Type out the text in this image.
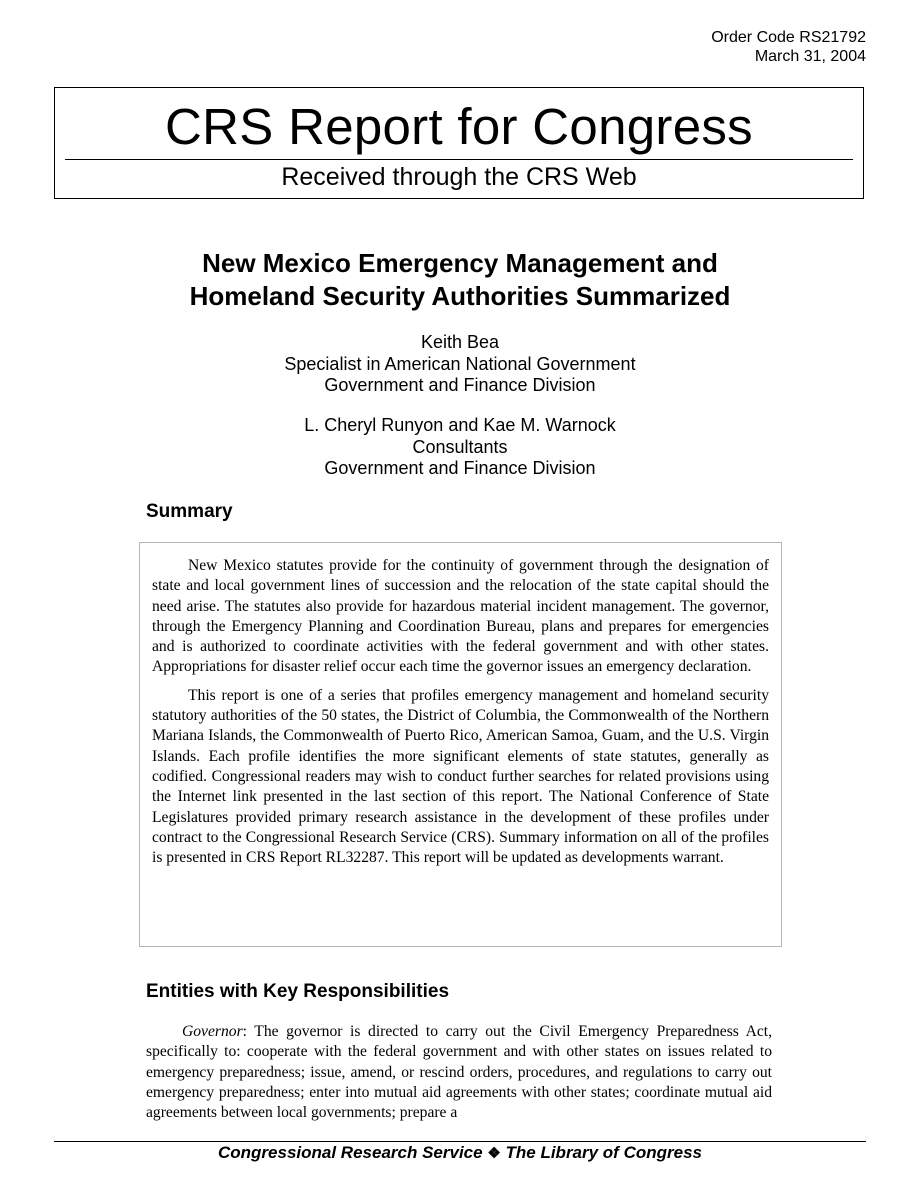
Order Code RS21792
March 31, 2004
CRS Report for Congress
Received through the CRS Web
New Mexico Emergency Management and
Homeland Security Authorities Summarized
Keith Bea
Specialist in American National Government
Government and Finance Division
L. Cheryl Runyon and Kae M. Warnock
Consultants
Government and Finance Division
Summary

New Mexico statutes provide for the continuity of government through the designation of state and local government lines of succession and the relocation of the state capital should the need arise. The statutes also provide for hazardous material incident management. The governor, through the Emergency Planning and Coordination Bureau, plans and prepares for emergencies and is authorized to coordinate activities with the federal government and with other states. Appropriations for disaster relief occur each time the governor issues an emergency declaration.

This report is one of a series that profiles emergency management and homeland security statutory authorities of the 50 states, the District of Columbia, the Commonwealth of the Northern Mariana Islands, the Commonwealth of Puerto Rico, American Samoa, Guam, and the U.S. Virgin Islands. Each profile identifies the more significant elements of state statutes, generally as codified. Congressional readers may wish to conduct further searches for related provisions using the Internet link presented in the last section of this report. The National Conference of State Legislatures provided primary research assistance in the development of these profiles under contract to the Congressional Research Service (CRS). Summary information on all of the profiles is presented in CRS Report RL32287. This report will be updated as developments warrant.

Entities with Key Responsibilities

Governor: The governor is directed to carry out the Civil Emergency Preparedness Act, specifically to: cooperate with the federal government and with other states on issues related to emergency preparedness; issue, amend, or rescind orders, procedures, and regulations to carry out emergency preparedness; enter into mutual aid agreements with other states; coordinate mutual aid agreements between local governments; prepare a

Congressional Research Service ❖ The Library of Congress
